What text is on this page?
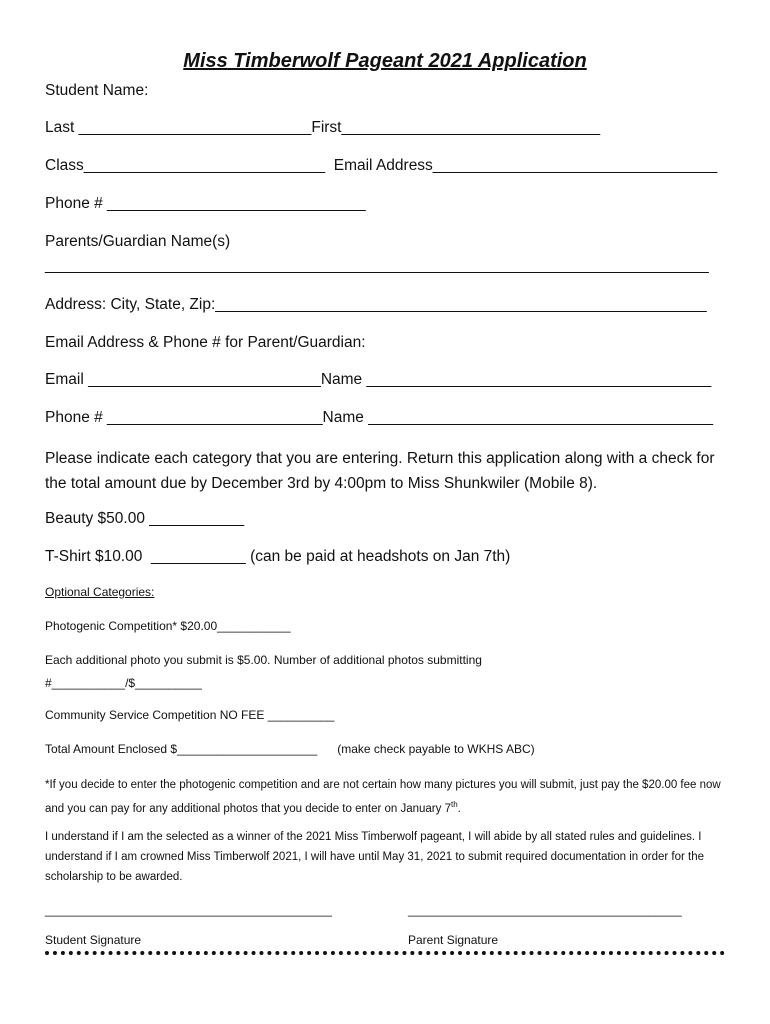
Miss Timberwolf Pageant 2021 Application
Student Name:
Last ___________________________First______________________________
Class____________________________  Email Address_________________________________
Phone # ______________________________
Parents/Guardian Name(s)
_____________________________________________________________________________
Address: City, State, Zip:_________________________________________________________
Email Address & Phone # for Parent/Guardian:
Email ___________________________Name ________________________________________
Phone # _________________________Name ________________________________________
Please indicate each category that you are entering. Return this application along with a check for the total amount due by December 3rd by 4:00pm to Miss Shunkwiler (Mobile 8).
Beauty $50.00 ___________
T-Shirt $10.00  ___________ (can be paid at headshots on Jan 7th)
Optional Categories:
Photogenic Competition* $20.00___________
Each additional photo you submit is $5.00. Number of additional photos submitting
#___________/$__________
Community Service Competition NO FEE __________
Total Amount Enclosed $_____________________      (make check payable to WKHS ABC)
*If you decide to enter the photogenic competition and are not certain how many pictures you will submit, just pay the $20.00 fee now and you can pay for any additional photos that you decide to enter on January 7th.
I understand if I am the selected as a winner of the 2021 Miss Timberwolf pageant, I will abide by all stated rules and guidelines. I understand if I am crowned Miss Timberwolf 2021, I will have until May 31, 2021 to submit required documentation in order for the scholarship to be awarded.
___________________________________________	_________________________________________
Student Signature	Parent Signature
